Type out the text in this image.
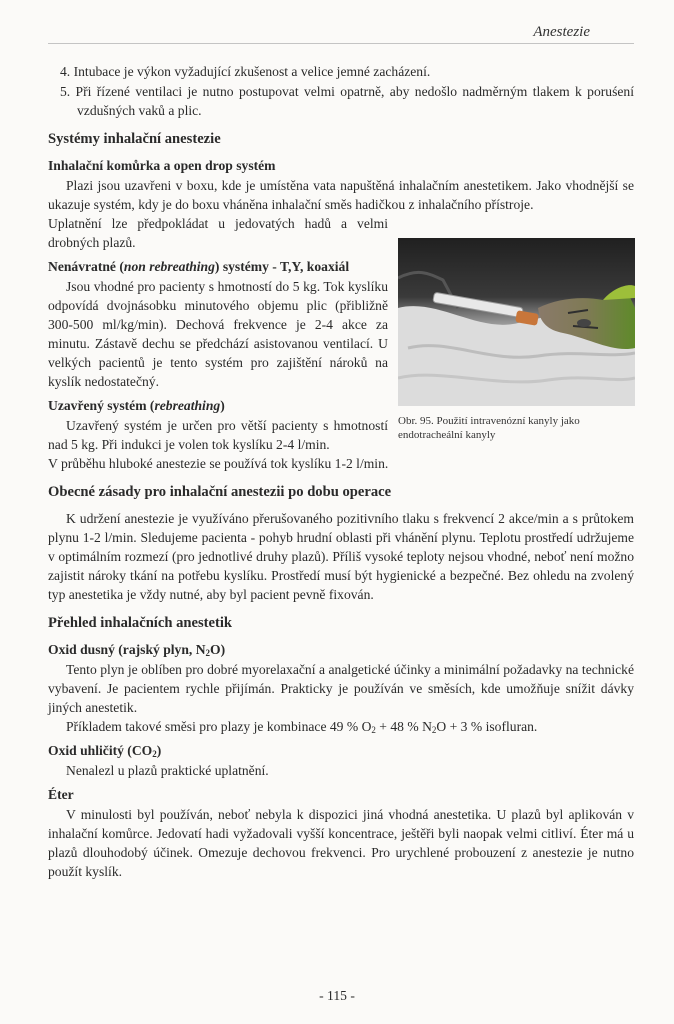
Anestezie
4. Intubace je výkon vyžadující zkušenost a velice jemné zacházení.
5. Při řízené ventilaci je nutno postupovat velmi opatrně, aby nedošlo nadměrným tlakem k poruśení vzdušných vaků a plic.
Systémy inhalační anestezie
Inhalační komůrka a open drop systém

Plazi jsou uzavřeni v boxu, kde je umístěna vata napuštěná inhalačním anestetikem. Jako vhodnější se ukazuje systém, kdy je do boxu vháněna inhalační směs hadičkou z inhalačního přístroje.

Uplatnění lze předpokládat u jedovatých hadů a velmi drobných plazů.

Nenávratné (non rebreathing) systémy - T,Y, koaxiál

Jsou vhodné pro pacienty s hmotností do 5 kg. Tok kyslíku odpovídá dvojnásobku minutového objemu plic (přibližně 300-500 ml/kg/min). Dechová frekvence je 2-4 akce za minutu. Zástavě dechu se předchází asistovanou ventilací. U velkých pacientů je tento systém pro zajištění nároků na kyslík nedostatečný.

Uzavřený systém (rebreathing)

Uzavřený systém je určen pro větší pacienty s hmotností nad 5 kg. Při indukci je volen tok kyslíku 2-4 l/min.

V průběhu hluboké anestezie se používá tok kyslíku 1-2 l/min.

Obecné zásady pro inhalační anestezii po dobu operace

K udržení anestezie je využíváno přerušovaného pozitivního tlaku s frekvencí 2 akce/min a s průtokem plynu 1-2 l/min. Sledujeme pacienta - pohyb hrudní oblasti při vhánění plynu. Teplotu prostředí udržujeme v optimálním rozmezí (pro jednotlivé druhy plazů). Příliš vysoké teploty nejsou vhodné, neboť není možno zajistit nároky tkání na potřebu kyslíku. Prostředí musí být hygienické a bezpečné. Bez ohledu na zvolený typ anestetika je vždy nutné, aby byl pacient pevně fixován.

Přehled inhalačních anestetik
Oxid dusný (rajský plyn, $N_2O$)

Tento plyn je oblíben pro dobré myorelaxační a analgetické účinky a minimální požadavky na technické vybavení. Je pacientem rychle přijímán. Prakticky je používán ve směsích, kde umožňuje snížit dávky jiných anestetik.

Příkladem takové směsi pro plazy je kombinace 49 % $O_2 + 48$ % $N_2O + 3$ % isofluran.

Oxid uhličitý $(CO_2)$

Nenalezl u plazů praktické uplatnění.

Éter

V minulosti byl používán, neboť nebyla k dispozici jiná vhodná anestetika. U plazů byl aplikován v inhalační komůrce. Jedovatí hadi vyžadovali vyšší koncentrace, ještěři byli naopak velmi citliví. Éter má u plazů dlouhodobý účinek. Omezuje dechovou frekvenci. Pro urychlené probouzení z anestezie je nutno použít kyslík.

Obr. 95. Použití intravenózní kanyly jako endotracheální kanyly
- 115 -
